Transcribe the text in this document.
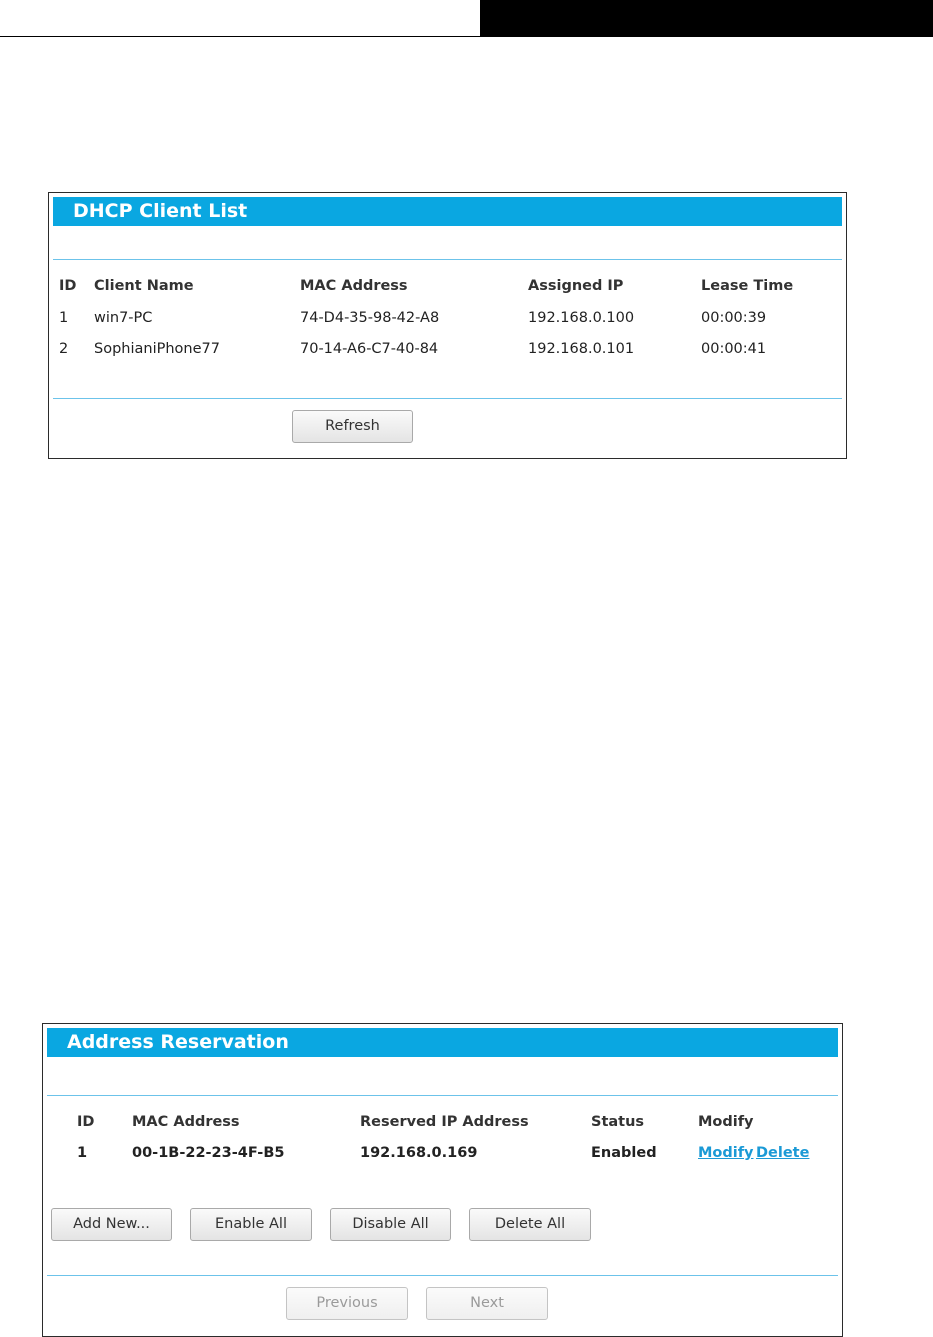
DHCP Client List
ID Client Name	MAC Address	Assigned IP	Lease Time
1 win7-PC	74-D4-35-98-42-A8	192.168.0.100	00:00:39
2 SophianiPhone77	70-14-A6-C7-40-84	192.168.0.101	00:00:41
Refresh
Address Reservation
ID	MAC Address	Reserved IP Address	Status	Modify
1	00-1B-22-23-4F-B5	192.168.0.169	Enabled	Modify Delete
Add New...	Enable All	Disable All	Delete All
Previous	Next
